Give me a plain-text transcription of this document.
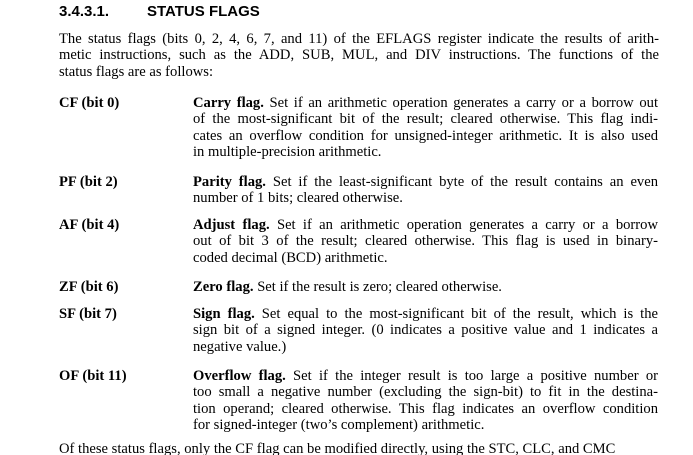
3.4.3.1.	STATUS FLAGS
The status flags (bits 0, 2, 4, 6, 7, and 11) of the EFLAGS register indicate the results of arith-
metic instructions, such as the ADD, SUB, MUL, and DIV instructions. The functions of the
status flags are as follows:
CF (bit 0)	Carry flag. Set if an arithmetic operation generates a carry or a borrow out
of the most-significant bit of the result; cleared otherwise. This flag indi-
cates an overflow condition for unsigned-integer arithmetic. It is also used
in multiple-precision arithmetic.
PF (bit 2)	Parity flag. Set if the least-significant byte of the result contains an even
number of 1 bits; cleared otherwise.
AF (bit 4)	Adjust flag. Set if an arithmetic operation generates a carry or a borrow
out of bit 3 of the result; cleared otherwise. This flag is used in binary-
coded decimal (BCD) arithmetic.
ZF (bit 6)	Zero flag. Set if the result is zero; cleared otherwise.
SF (bit 7)	Sign flag. Set equal to the most-significant bit of the result, which is the
sign bit of a signed integer. (0 indicates a positive value and 1 indicates a
negative value.)
OF (bit 11)	Overflow flag. Set if the integer result is too large a positive number or
too small a negative number (excluding the sign-bit) to fit in the destina-
tion operand; cleared otherwise. This flag indicates an overflow condition
for signed-integer (two’s complement) arithmetic.
Of these status flags, only the CF flag can be modified directly, using the STC, CLC, and CMC
